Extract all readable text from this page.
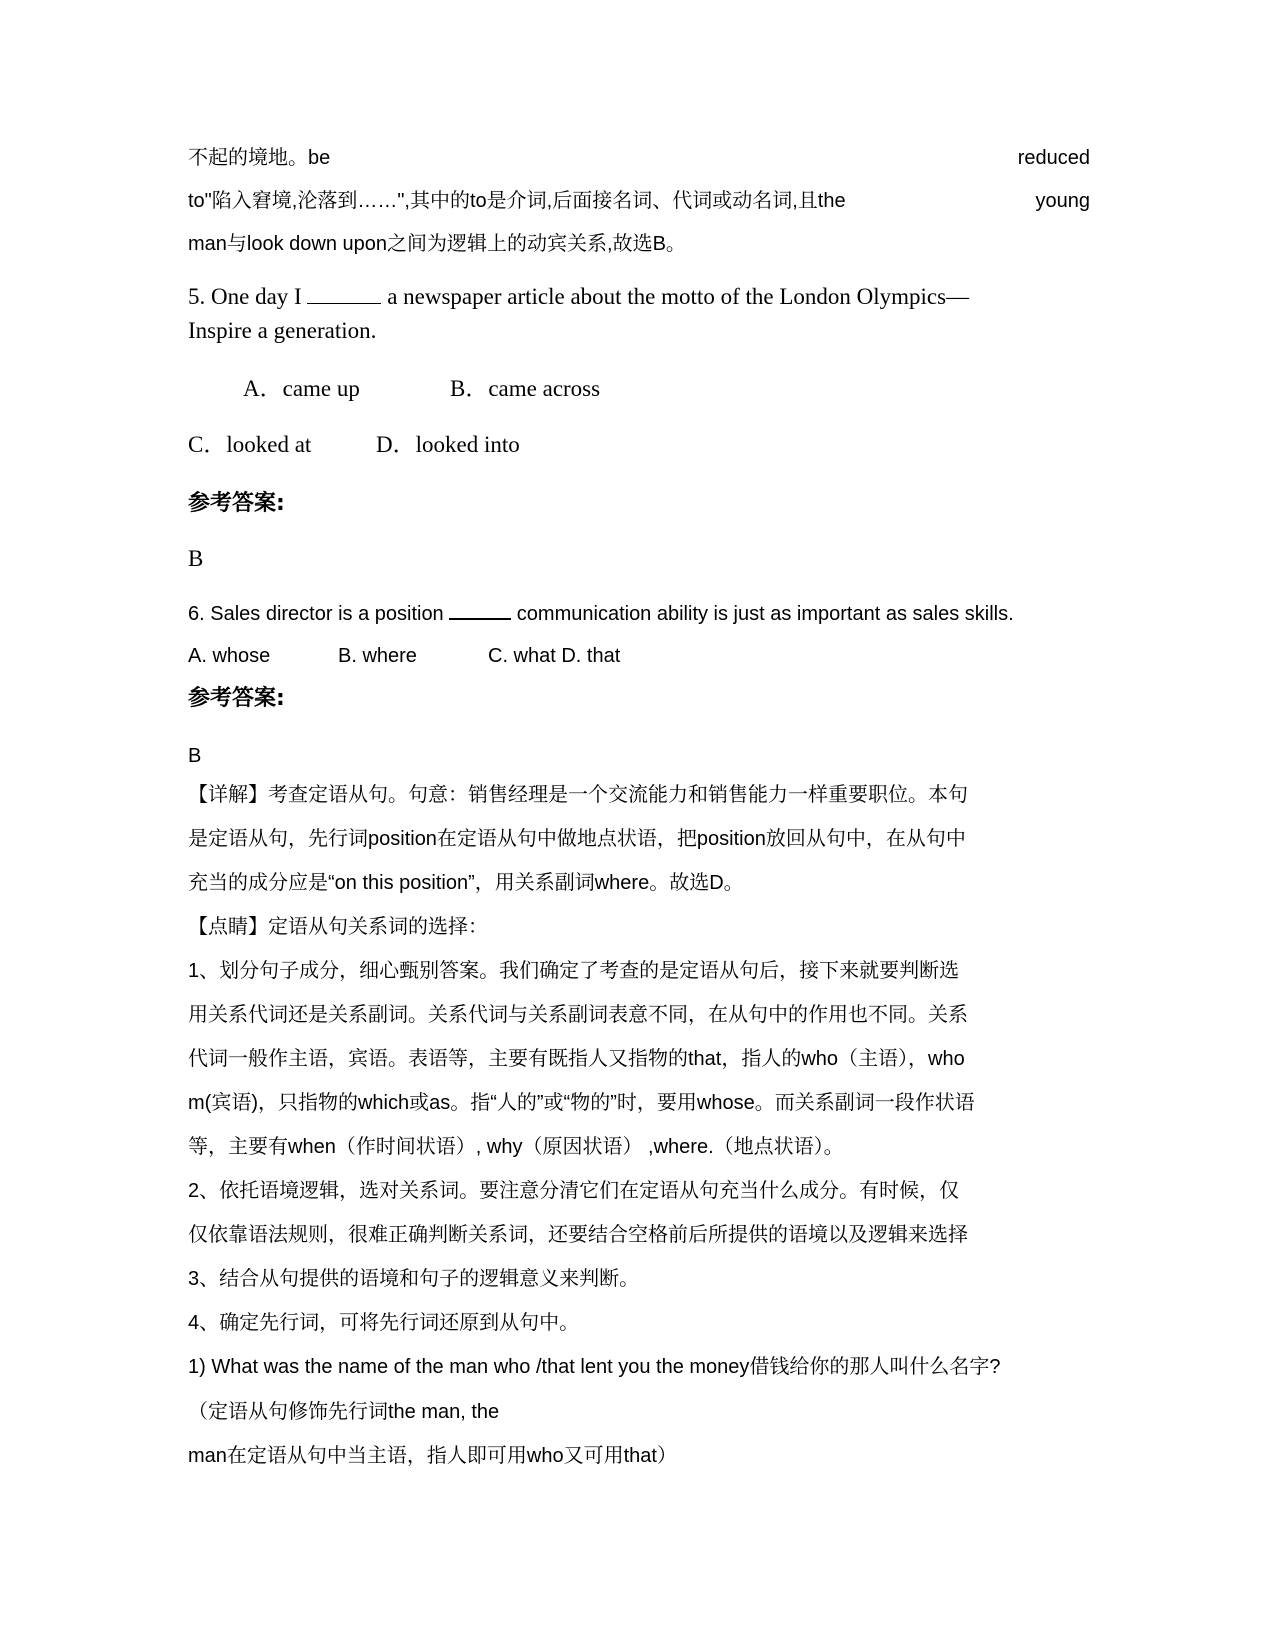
不起的境地。be	reduced
to"陷入窘境,沦落到……",其中的to是介词,后面接名词、代词或动名词,且the	young
man与look down upon之间为逻辑上的动宾关系,故选B。
5. One day I	a newspaper article about the motto of the London Olympics—
Inspire a generation.
A．came up	B．came across
C．looked at	D．looked into
参考答案:
B
6. Sales director is a position	communication ability is just as important as sales skills.
A. whose	B. where	C. what D. that
参考答案:
B
【详解】考查定语从句。句意：销售经理是一个交流能力和销售能力一样重要职位。本句
是定语从句，先行词position在定语从句中做地点状语，把position放回从句中，在从句中
充当的成分应是“on this position”，用关系副词where。故选D。
【点睛】定语从句关系词的选择：
1、划分句子成分，细心甄别答案。我们确定了考查的是定语从句后，接下来就要判断选
用关系代词还是关系副词。关系代词与关系副词表意不同，在从句中的作用也不同。关系
代词一般作主语，宾语。表语等，主要有既指人又指物的that，指人的who（主语），who
m(宾语)，只指物的which或as。指“人的”或“物的”时，要用whose。而关系副词一段作状语
等，主要有when（作时间状语）, why（原因状语） ,where.（地点状语）。
2、依托语境逻辑，选对关系词。要注意分清它们在定语从句充当什么成分。有时候，仅
仅依靠语法规则，很难正确判断关系词，还要结合空格前后所提供的语境以及逻辑来选择
3、结合从句提供的语境和句子的逻辑意义来判断。
4、确定先行词，可将先行词还原到从句中。
1) What was the name of the man who /that lent you the money借钱给你的那人叫什么名字?
（定语从句修饰先行词the man, the
man在定语从句中当主语，指人即可用who又可用that）
